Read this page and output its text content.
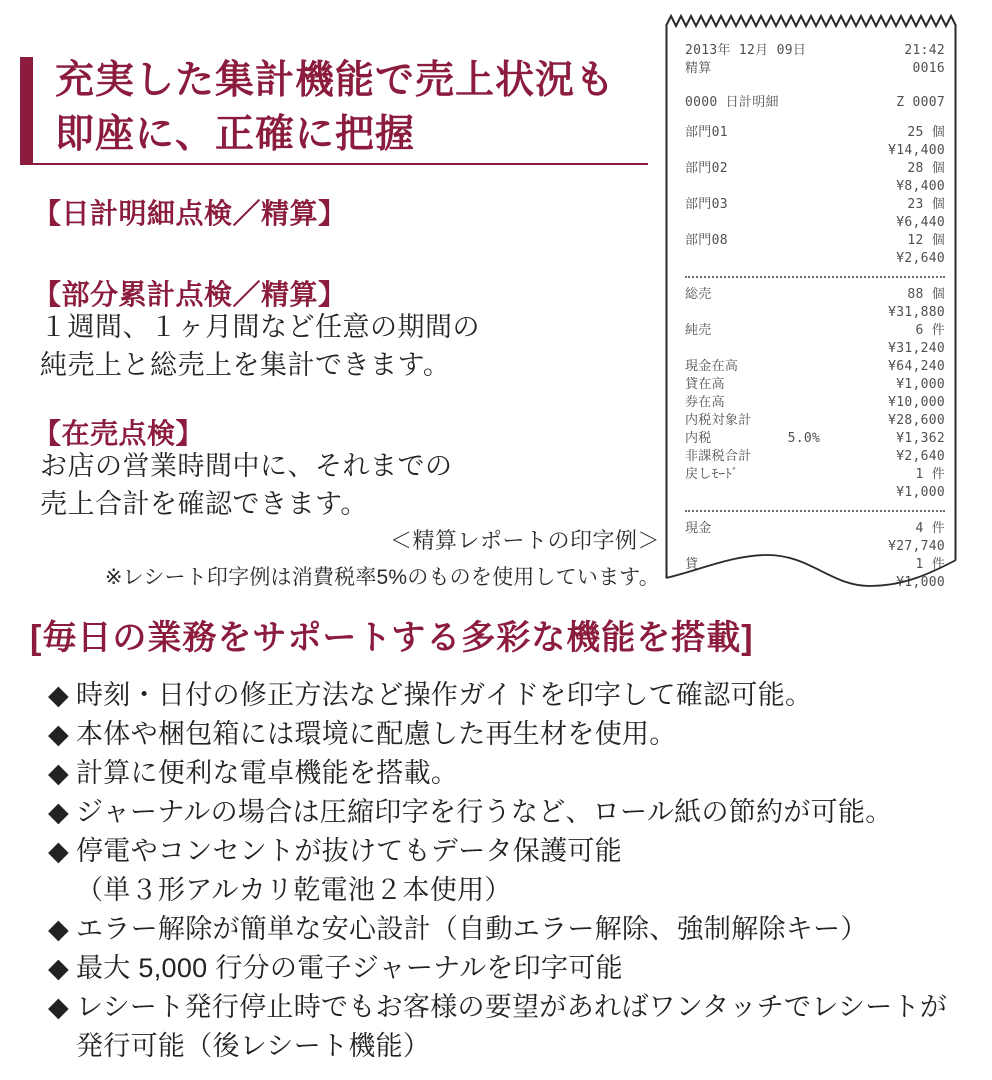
充実した集計機能で売上状況も
即座に、正確に把握
【日計明細点検／精算】
【部分累計点検／精算】
１週間、１ヶ月間など任意の期間の
純売上と総売上を集計できます。
【在売点検】
お店の営業時間中に、それまでの
売上合計を確認できます。
＜精算レポートの印字例＞
※レシート印字例は消費税率5%のものを使用しています。
[毎日の業務をサポートする多彩な機能を搭載]
◆ 時刻・日付の修正方法など操作ガイドを印字して確認可能。
◆ 本体や梱包箱には環境に配慮した再生材を使用。
◆ 計算に便利な電卓機能を搭載。
◆ ジャーナルの場合は圧縮印字を行うなど、ロール紙の節約が可能。
◆ 停電やコンセントが抜けてもデータ保護可能
（単３形アルカリ乾電池２本使用）
◆ エラー解除が簡単な安心設計（自動エラー解除、強制解除キー）
◆ 最大 5,000 行分の電子ジャーナルを印字可能
◆ レシート発行停止時でもお客様の要望があればワンタッチでレシートが
発行可能（後レシート機能）
2013年 12月 09日	21:42
精算	0016
0000 日計明細	Z 0007
部門01	25 個
¥14,400
部門02	28 個
¥8,400
部門03	23 個
¥6,440
部門08	12 個
¥2,640
総売	88 個
¥31,880
純売	6 件
¥31,240
現金在高	¥64,240
貸在高	¥1,000
券在高	¥10,000
内税対象計	¥28,600
内税	5.0%	¥1,362
非課税合計	¥2,640
戻しﾓｰﾄﾞ	1 件
¥1,000
現金	4 件
¥27,740
貸	1 件
¥1,000
